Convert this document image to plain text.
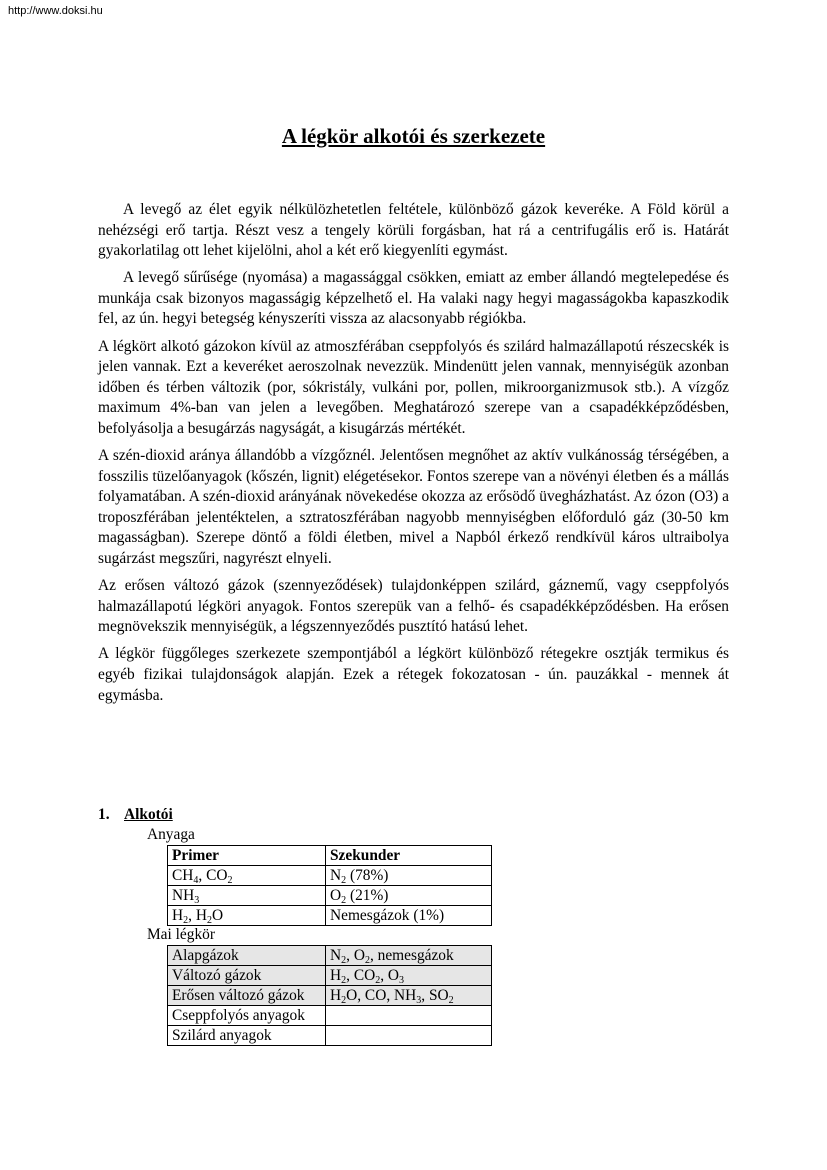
http://www.doksi.hu
A légkör alkotói és szerkezete

A levegő az élet egyik nélkülözhetetlen feltétele, különböző gázok keveréke. A Föld körül a nehézségi erő tartja. Részt vesz a tengely körüli forgásban, hat rá a centrifugális erő is. Határát gyakorlatilag ott lehet kijelölni, ahol a két erő kiegyenlíti egymást.

A levegő sűrűsége (nyomása) a magassággal csökken, emiatt az ember állandó megtelepedése és munkája csak bizonyos magasságig képzelhető el. Ha valaki nagy hegyi magasságokba kapaszkodik fel, az ún. hegyi betegség kényszeríti vissza az alacsonyabb régiókba.

A légkört alkotó gázokon kívül az atmoszférában cseppfolyós és szilárd halmazállapotú részecskék is jelen vannak. Ezt a keveréket aeroszolnak nevezzük. Mindenütt jelen vannak, mennyiségük azonban időben és térben változik (por, sókristály, vulkáni por, pollen, mikroorganizmusok stb.). A vízgőz maximum 4%-ban van jelen a levegőben. Meghatározó szerepe van a csapadékképződésben, befolyásolja a besugárzás nagyságát, a kisugárzás mértékét.

A szén-dioxid aránya állandóbb a vízgőznél. Jelentősen megnőhet az aktív vulkánosság térségében, a fosszilis tüzelőanyagok (kőszén, lignit) elégetésekor. Fontos szerepe van a növényi életben és a mállás folyamatában. A szén-dioxid arányának növekedése okozza az erősödő üvegházhatást. Az ózon (O3) a troposzférában jelentéktelen, a sztratoszférában nagyobb mennyiségben előforduló gáz (30-50 km magasságban). Szerepe döntő a földi életben, mivel a Napból érkező rendkívül káros ultraibolya sugárzást megszűri, nagyrészt elnyeli.

Az erősen változó gázok (szennyeződések) tulajdonképpen szilárd, gáznemű, vagy cseppfolyós halmazállapotú légköri anyagok. Fontos szerepük van a felhő- és csapadékképződésben. Ha erősen megnövekszik mennyiségük, a légszennyeződés pusztító hatású lehet.

A légkör függőleges szerkezete szempontjából a légkört különböző rétegekre osztják termikus és egyéb fizikai tulajdonságok alapján. Ezek a rétegek fokozatosan - ún. pauzákkal - mennek át egymásba.

1. Alkotói
Anyaga
Primer	Szekunder
$CH_4$, $CO_2$	$N_2$ (78%)
$NH_3$	$O_2$ (21%)
$H_2$, $H_2O$	Nemesgázok (1%)
Mai légkör
Alapgázok	$N_2$, $O_2$, nemesgázok
Változó gázok	$H_2$, $CO_2$, $O_3$
Erősen változó gázok	$H_2O$, CO, $NH_3$, $SO_2$
Cseppfolyós anyagok	
Szilárd anyagok	
